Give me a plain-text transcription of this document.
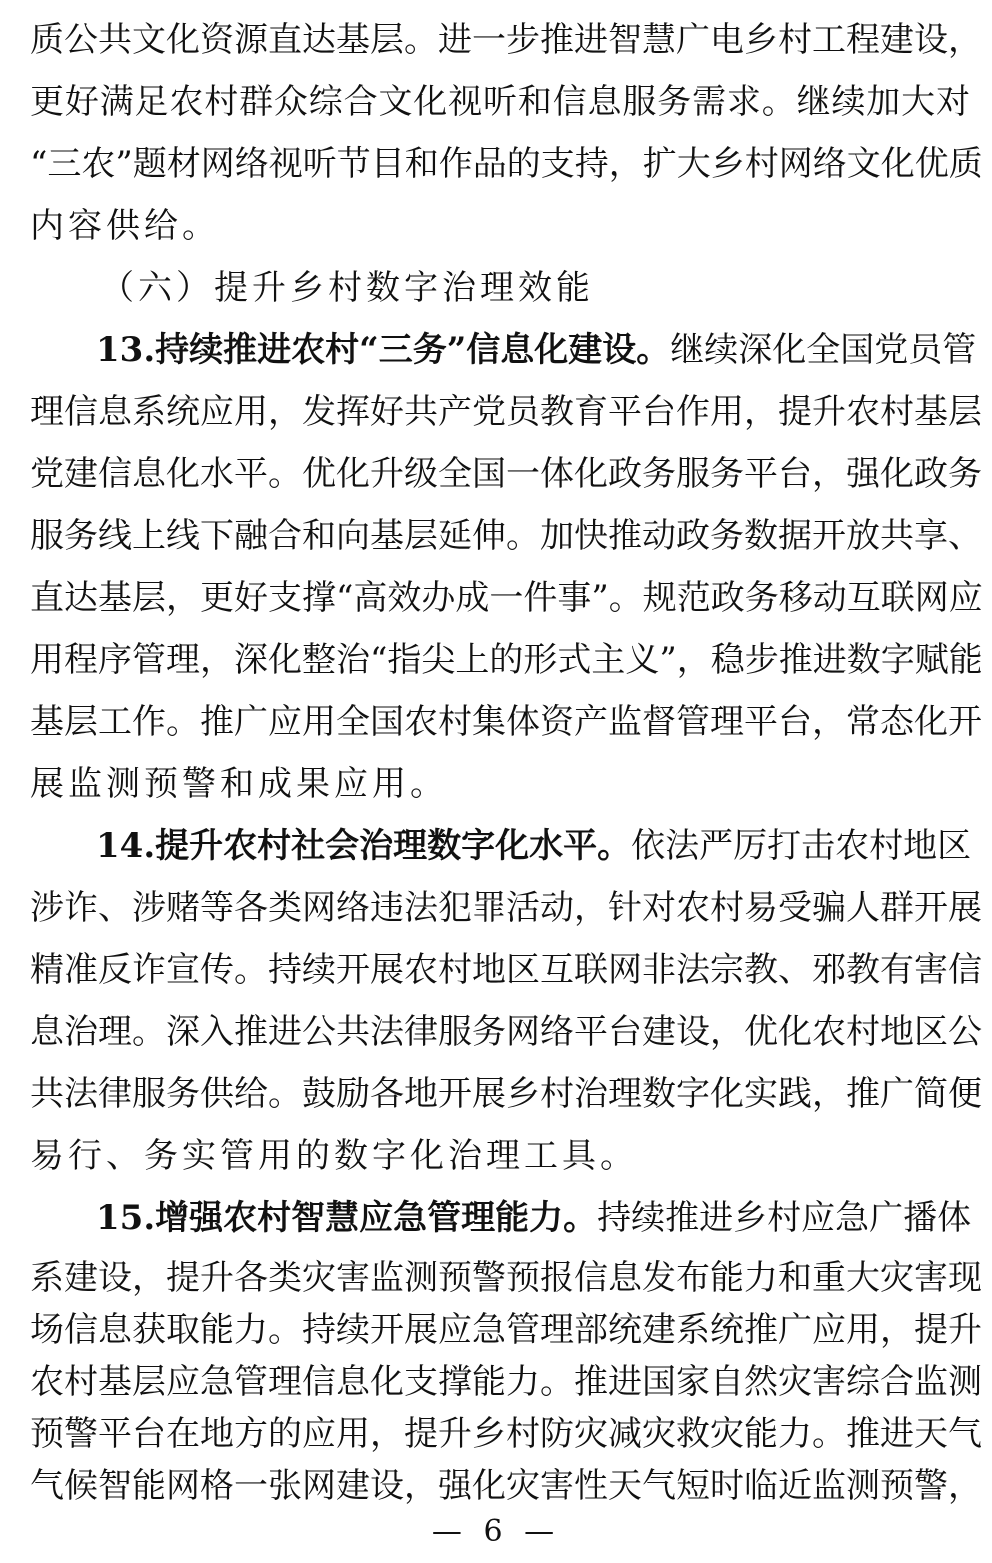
质公共文化资源直达基层。进一步推进智慧广电乡村工程建设，
更好满足农村群众综合文化视听和信息服务需求。继续加大对
“三农”题材网络视听节目和作品的支持，扩大乡村网络文化优质
内容供给。
（六）提升乡村数字治理效能
13.持续推进农村“三务”信息化建设。继续深化全国党员管
理信息系统应用，发挥好共产党员教育平台作用，提升农村基层
党建信息化水平。优化升级全国一体化政务服务平台，强化政务
服务线上线下融合和向基层延伸。加快推动政务数据开放共享、
直达基层，更好支撑“高效办成一件事”。规范政务移动互联网应
用程序管理，深化整治“指尖上的形式主义”，稳步推进数字赋能
基层工作。推广应用全国农村集体资产监督管理平台，常态化开
展监测预警和成果应用。
14.提升农村社会治理数字化水平。依法严厉打击农村地区
涉诈、涉赌等各类网络违法犯罪活动，针对农村易受骗人群开展
精准反诈宣传。持续开展农村地区互联网非法宗教、邪教有害信
息治理。深入推进公共法律服务网络平台建设，优化农村地区公
共法律服务供给。鼓励各地开展乡村治理数字化实践，推广简便
易行、务实管用的数字化治理工具。
15.增强农村智慧应急管理能力。持续推进乡村应急广播体
系建设，提升各类灾害监测预警预报信息发布能力和重大灾害现
场信息获取能力。持续开展应急管理部统建系统推广应用，提升
农村基层应急管理信息化支撑能力。推进国家自然灾害综合监测
预警平台在地方的应用，提升乡村防灾减灾救灾能力。推进天气
— 6 —
气候智能网格一张网建设，强化灾害性天气短时临近监测预警，
